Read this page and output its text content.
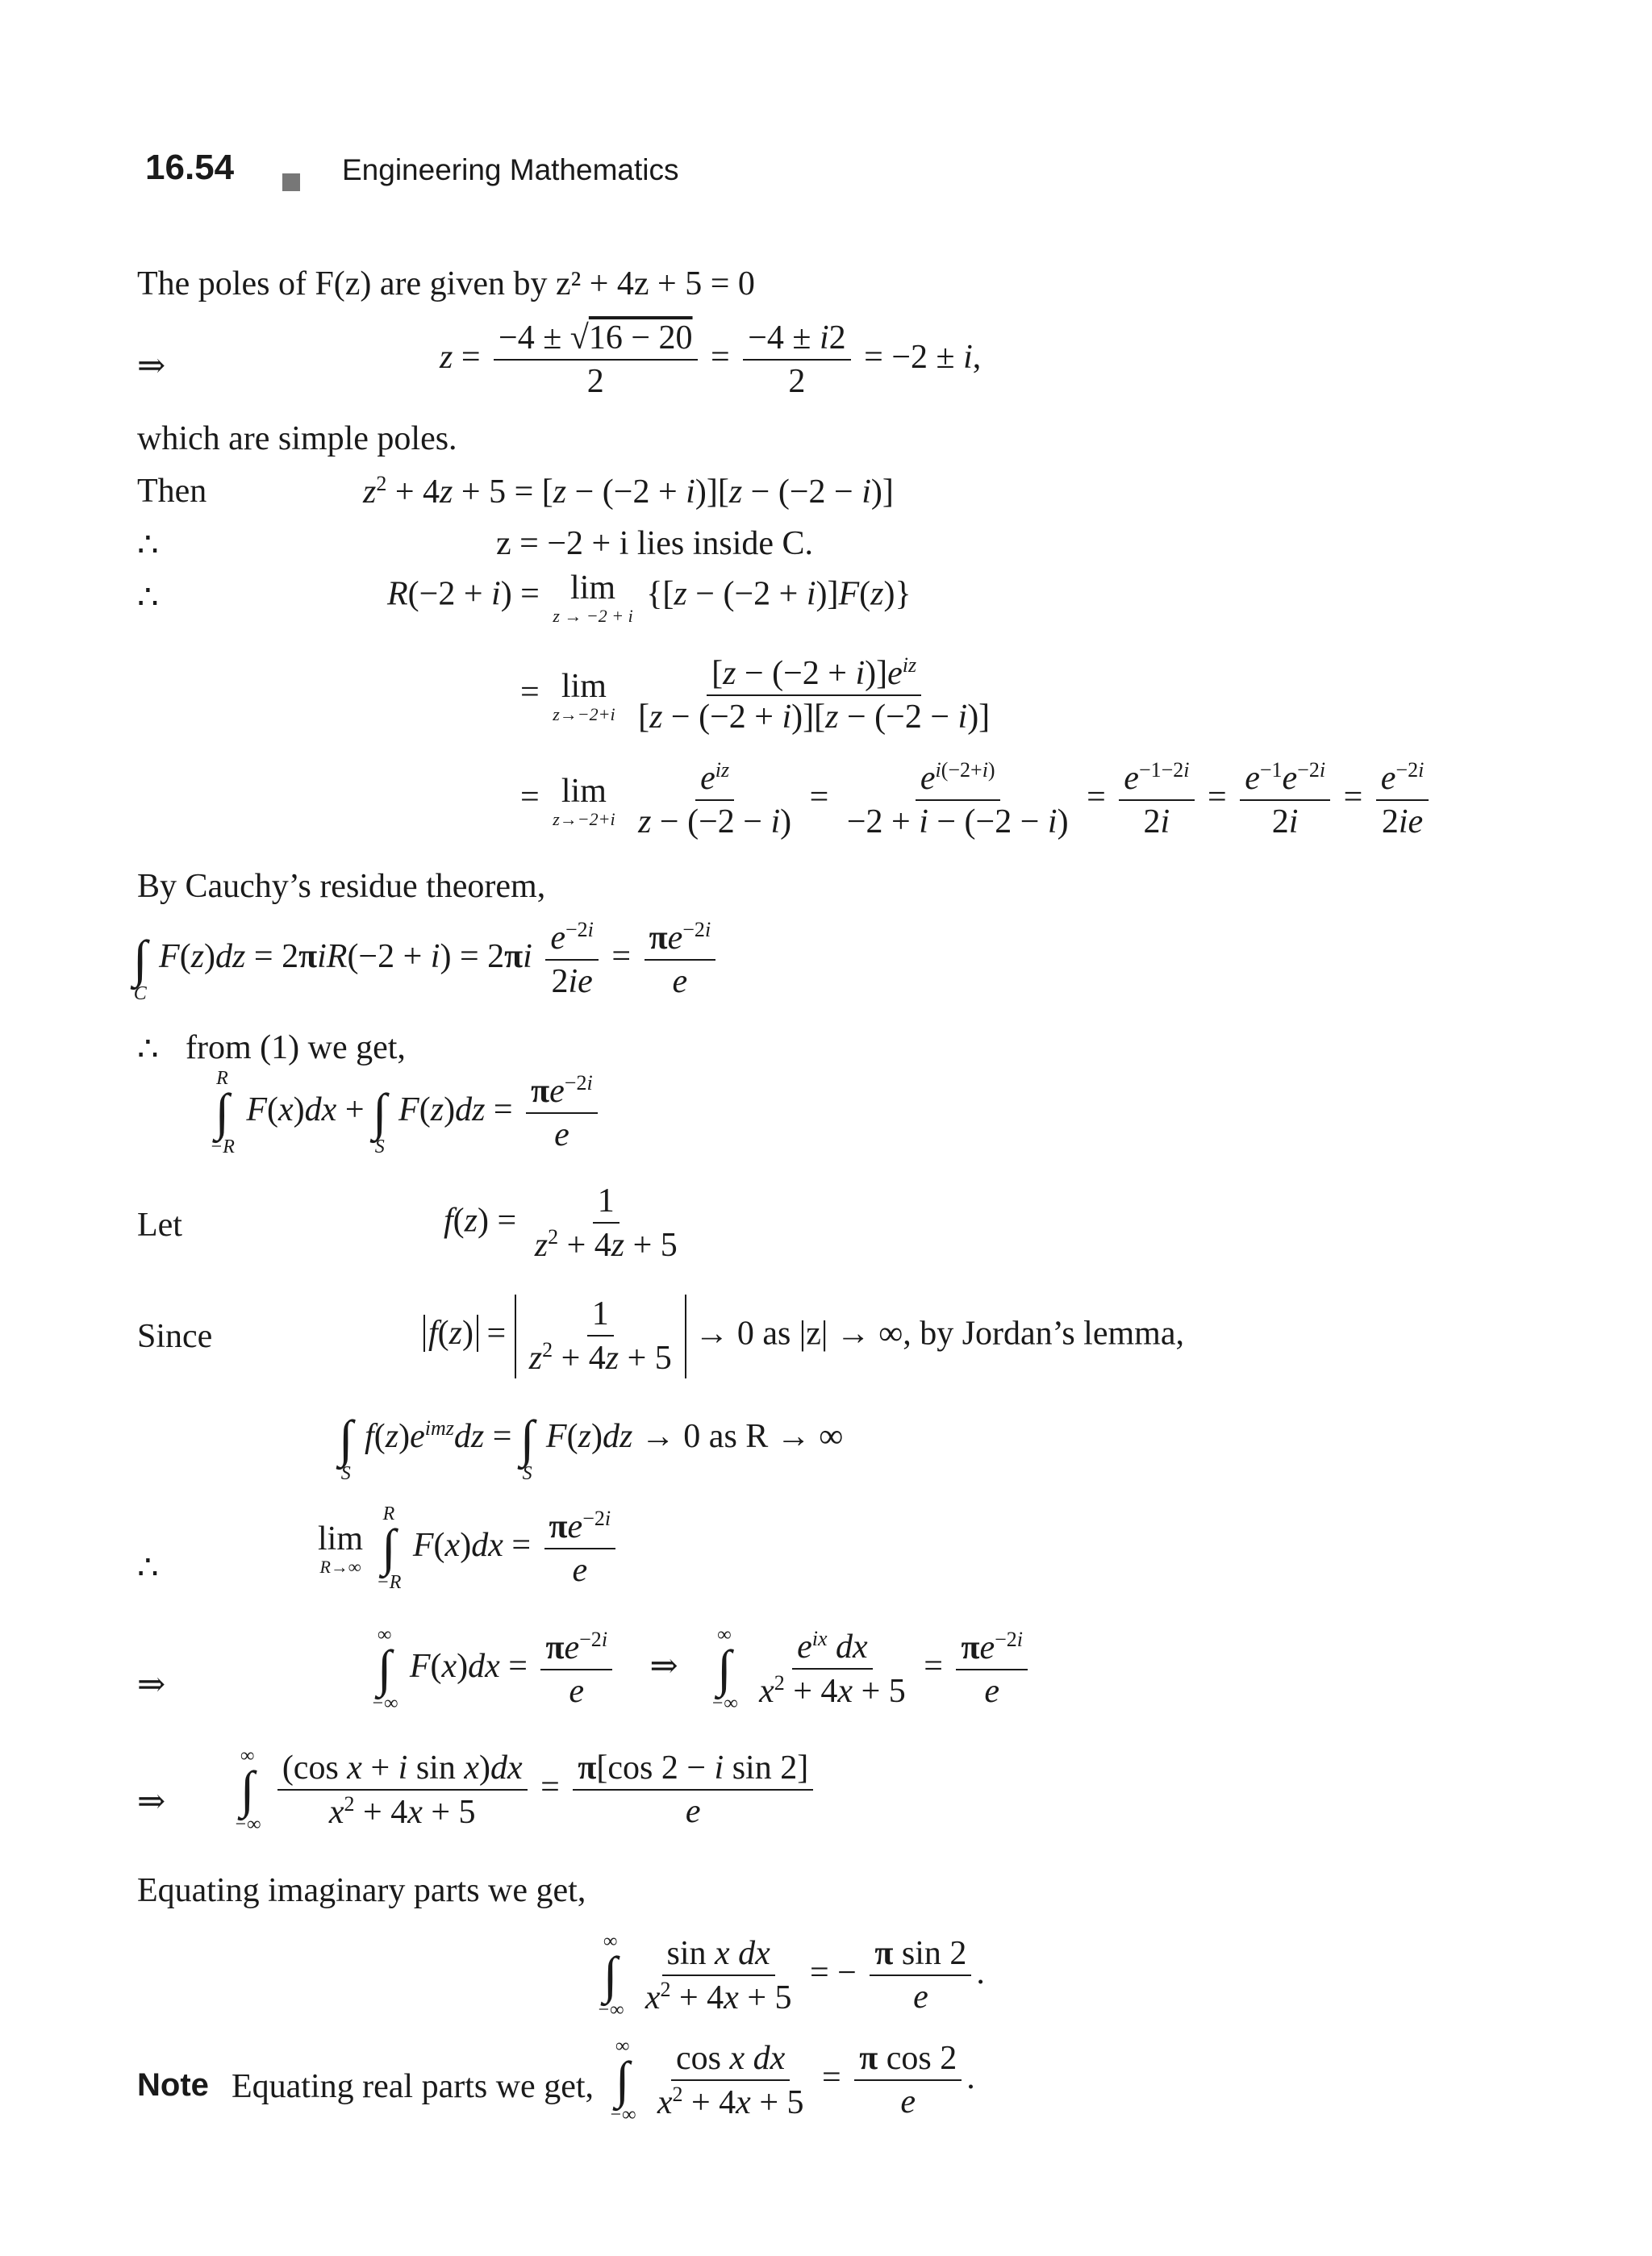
16.54	Engineering Mathematics
The poles of F(z) are given by z² + 4z + 5 = 0
⇒	$z = \frac{-4 \pm √16 - 20}{2} = \frac{-4 \pm i2}{2} = -2 \pm i$,
which are simple poles.
Then	$z^2 + 4z + 5 = [z - (-2 + i)][z - (-2 - i)]$
∴	z = −2 + i lies inside C.
∴	R(−2 + i) = lim
z → −2 + i
{[z − (−2 + i)]F(z)}
= lim
z→−2+i
$\frac{[z - (-2 + i)]e^{iz}}{[z - (-2 + i)][z - (-2 - i)]}$
= lim
z→−2+i
$\frac{e^{iz}}{z - (-2 - i)} = \frac{e^{i(-2+i)}}{-2 + i - (-2 - i)} = \frac{e^{-1-2i}}{2i} = \frac{e^{-1}e^{-2i}}{2i} = \frac{e^{-2i}}{2ie}$
By Cauchy’s residue theorem,

∫
C
$F(z)dz = 2\pi iR(-2 + i) = 2\pi i \frac{e^{-2i}}{2ie} = \frac{\pi e^{-2i}}{e}$
∴ from (1) we get,
R
∫
−R
F(x)dx +
∫
S
$F(z)dz = \frac{\pi e^{-2i}}{e}$
Let	$f(z) = \frac{1}{z^2 + 4z + 5}$
Since	$f(z) = \frac{1}{z^2 + 4z + 5} \to 0$ as |z| → ∞, by Jordan’s lemma,

∫
S
$f(z)e^{imz}dz$ =
∫
S
F(z)dz → 0 as R → ∞
∴
lim
R→∞

R
∫
−R
$F(x)dx = \frac{\pi e^{-2i}}{e}$
⇒
∞
∫
−∞
$F(x)dx = \frac{\pi e^{-2i}}{e}$ ⇒
∞
∫
−∞
$\frac{e^{ix} dx}{x^2 + 4x + 5} = \frac{\pi e^{-2i}}{e}$
⇒
∞
∫
−∞
$\frac{\text{(cos x + i sin x)dx}}{x^2 + 4x + 5} = \frac{\text{π[cos 2 − i sin 2]}}{e}$
Equating imaginary parts we get,
∞
∫
−∞
$\frac{\text{sin x dx}}{x^2 + 4x + 5}$ = − $\frac{\text{π sin 2}}{e}$ .
Note Equating real parts we get,
∞
∫
−∞
$\frac{\text{cos x dx}}{x^2 + 4x + 5} = \frac{\text{π cos 2}}{e}$ .
